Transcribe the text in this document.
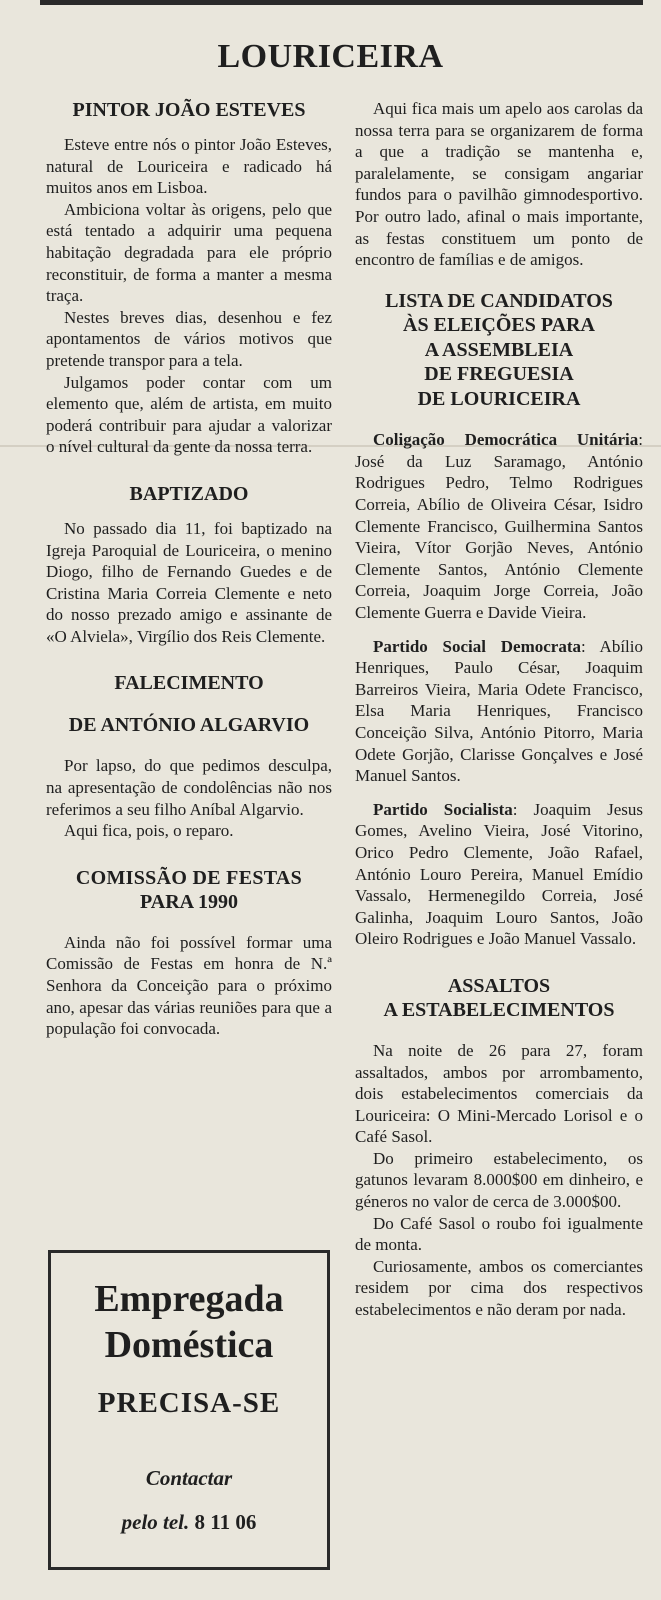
LOURICEIRA
PINTOR JOÃO ESTEVES

Esteve entre nós o pintor João Esteves, natural de Louriceira e radicado há muitos anos em Lisboa.

Ambiciona voltar às origens, pelo que está tentado a adquirir uma pequena habitação degradada para ele próprio reconstituir, de forma a manter a mesma traça.

Nestes breves dias, desenhou e fez apontamentos de vários motivos que pretende transpor para a tela.

Julgamos poder contar com um elemento que, além de artista, em muito poderá contribuir para ajudar a valorizar o nível cultural da gente da nossa terra.

BAPTIZADO

No passado dia 11, foi baptizado na Igreja Paroquial de Louriceira, o menino Diogo, filho de Fernando Guedes e de Cristina Maria Correia Clemente e neto do nosso prezado amigo e assinante de «O Alviela», Virgílio dos Reis Clemente.

FALECIMENTO
DE ANTÓNIO ALGARVIO

Por lapso, do que pedimos desculpa, na apresentação de condolências não nos referimos a seu filho Aníbal Algarvio.

Aqui fica, pois, o reparo.

COMISSÃO DE FESTAS
PARA 1990

Ainda não foi possível formar uma Comissão de Festas em honra de N.ª Senhora da Conceição para o próximo ano, apesar das várias reuniões para que a população foi convocada.

Empregada
Doméstica
PRECISA-SE
Contactar
pelo tel. 8 11 06

Aqui fica mais um apelo aos carolas da nossa terra para se organizarem de forma a que a tradição se mantenha e, paralelamente, se consigam angariar fundos para o pavilhão gimnodesportivo. Por outro lado, afinal o mais importante, as festas constituem um ponto de encontro de famílias e de amigos.

LISTA DE CANDIDATOS
ÀS ELEIÇÕES PARA
A ASSEMBLEIA
DE FREGUESIA
DE LOURICEIRA

Coligação Democrática Unitária: José da Luz Saramago, António Rodrigues Pedro, Telmo Rodrigues Correia, Abílio de Oliveira César, Isidro Clemente Francisco, Guilhermina Santos Vieira, Vítor Gorjão Neves, António Clemente Santos, António Clemente Correia, Joaquim Jorge Correia, João Clemente Guerra e Davide Vieira.

Partido Social Democrata: Abílio Henriques, Paulo César, Joaquim Barreiros Vieira, Maria Odete Francisco, Elsa Maria Henriques, Francisco Conceição Silva, António Pitorro, Maria Odete Gorjão, Clarisse Gonçalves e José Manuel Santos.

Partido Socialista: Joaquim Jesus Gomes, Avelino Vieira, José Vitorino, Orico Pedro Clemente, João Rafael, António Louro Pereira, Manuel Emídio Vassalo, Hermenegildo Correia, José Galinha, Joaquim Louro Santos, João Oleiro Rodrigues e João Manuel Vassalo.

ASSALTOS
A ESTABELECIMENTOS

Na noite de 26 para 27, foram assaltados, ambos por arrombamento, dois estabelecimentos comerciais da Louriceira: O Mini-Mercado Lorisol e o Café Sasol.

Do primeiro estabelecimento, os gatunos levaram 8.000$00 em dinheiro, e géneros no valor de cerca de 3.000$00.

Do Café Sasol o roubo foi igualmente de monta.

Curiosamente, ambos os comerciantes residem por cima dos respectivos estabelecimentos e não deram por nada.
